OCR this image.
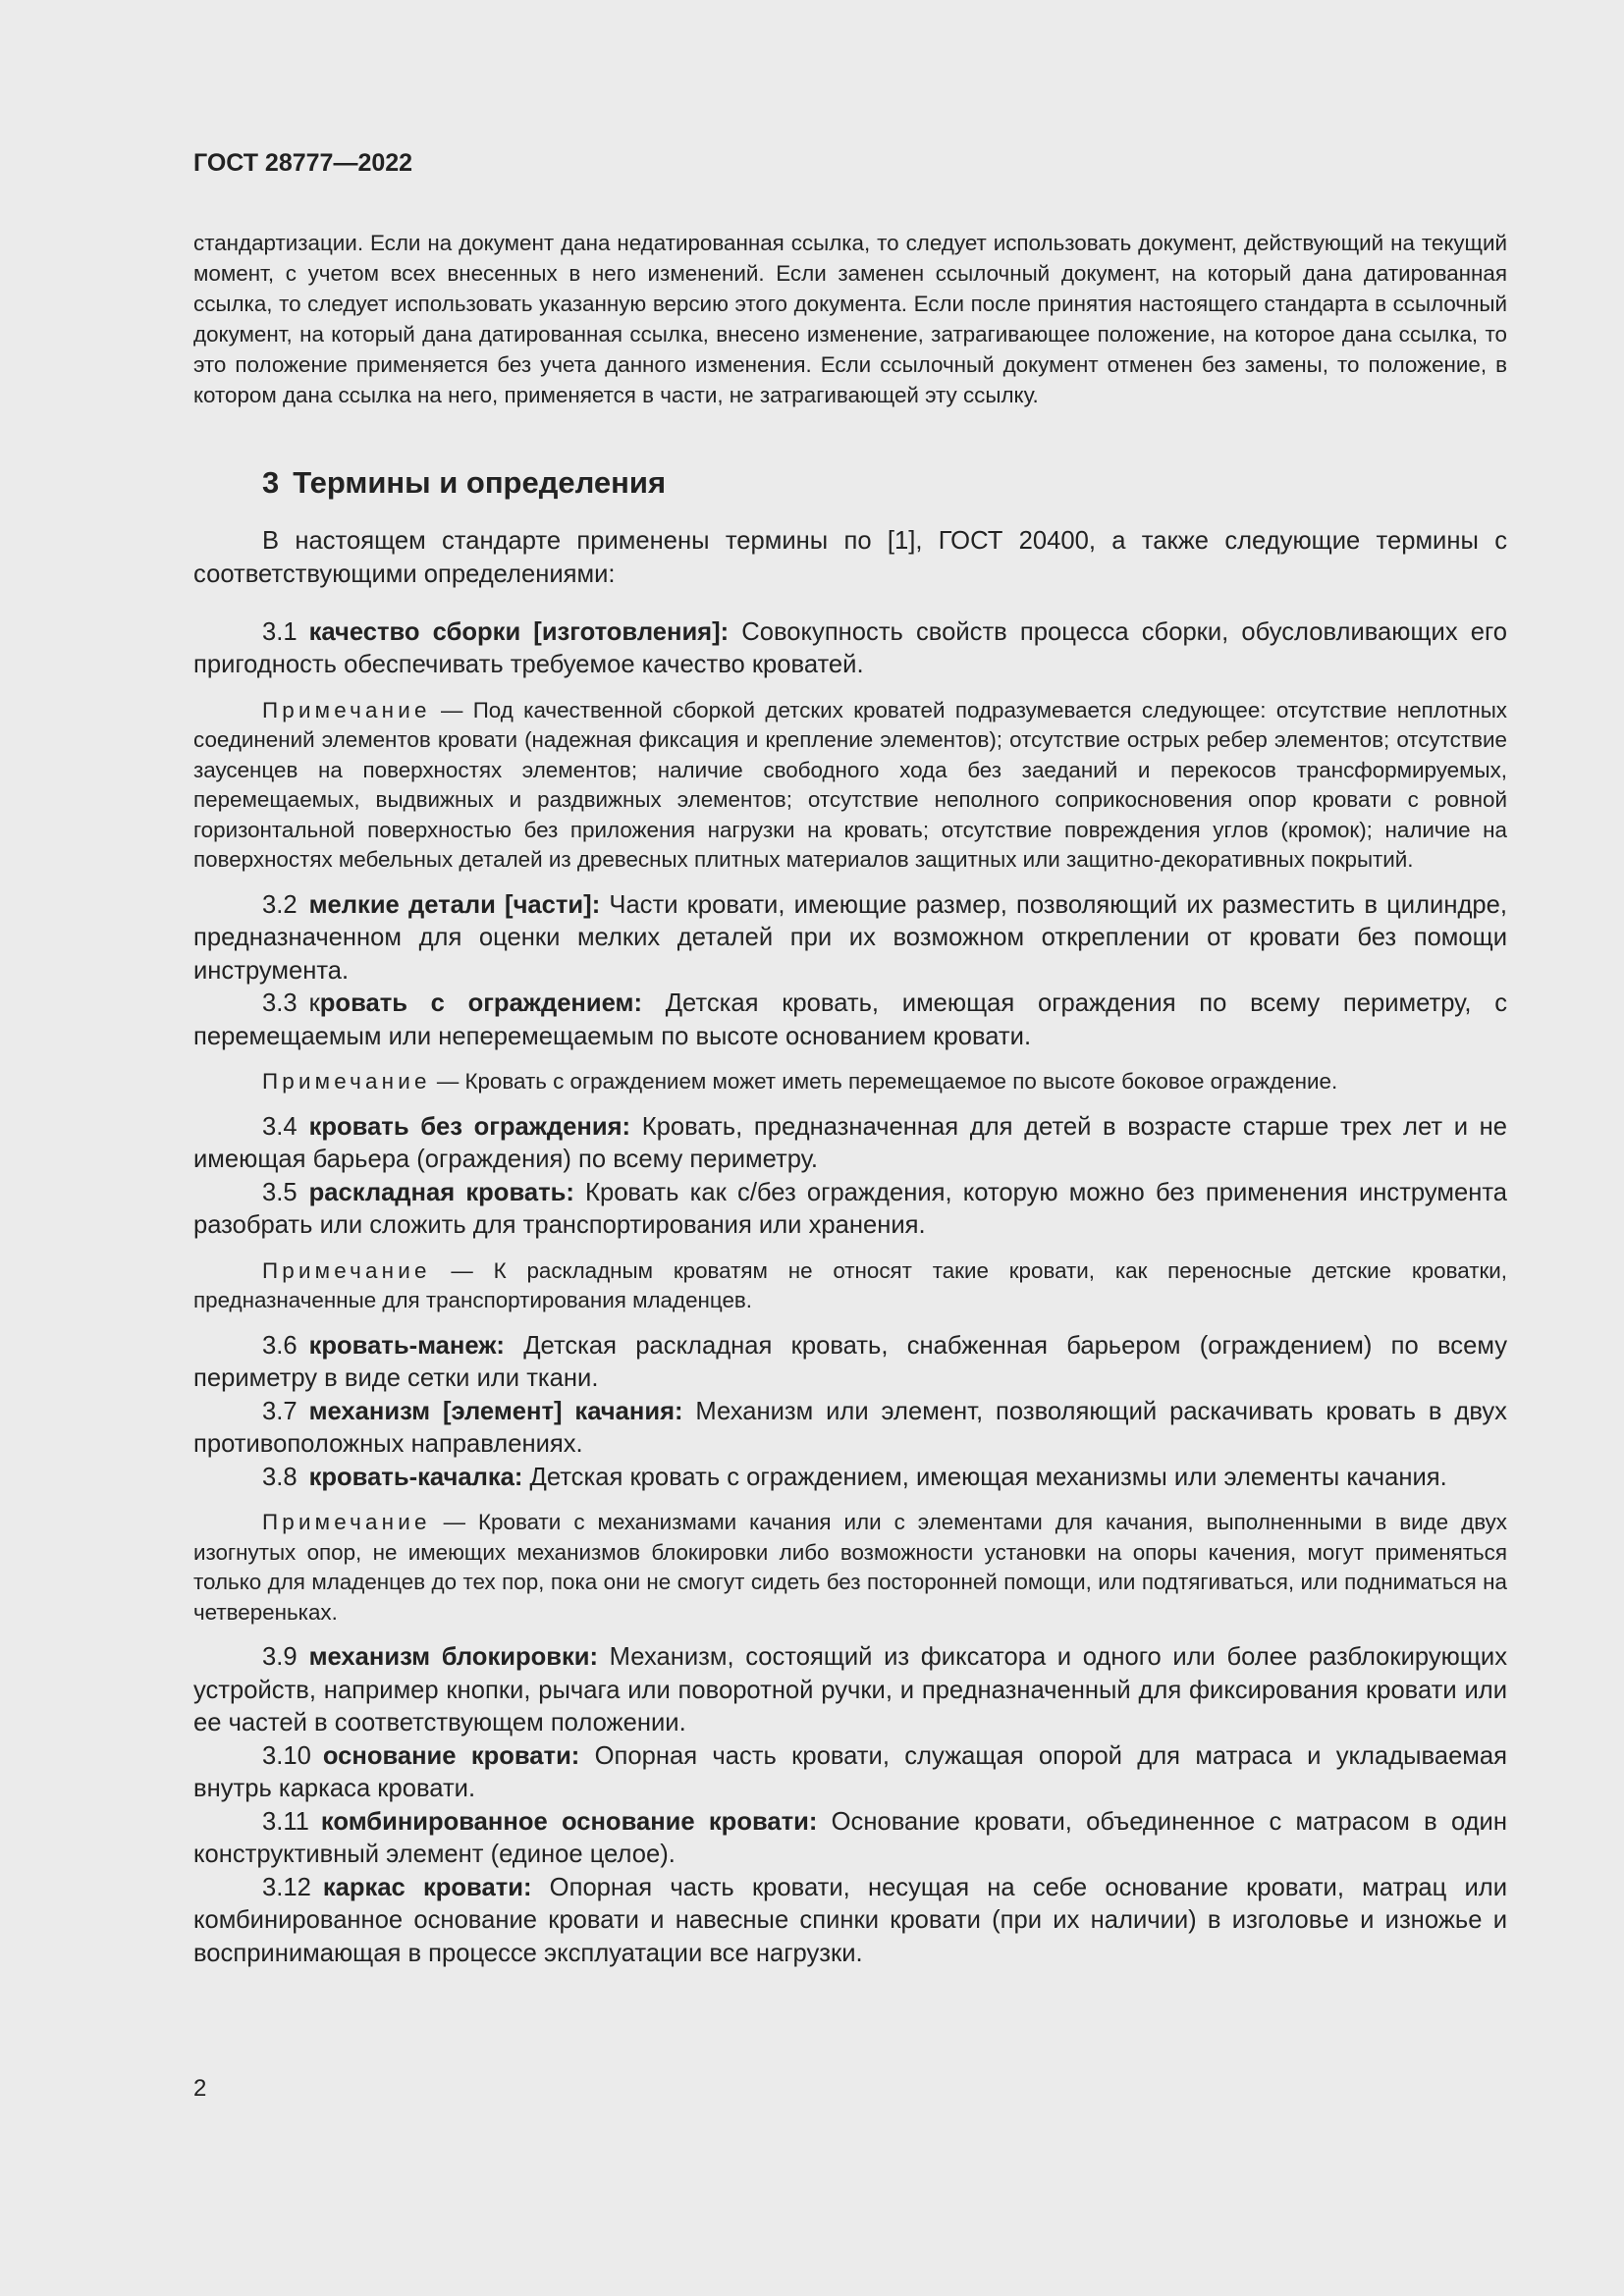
ГОСТ 28777—2022

стандартизации. Если на документ дана недатированная ссылка, то следует использовать документ, действующий на текущий момент, с учетом всех внесенных в него изменений. Если заменен ссылочный документ, на который дана датированная ссылка, то следует использовать указанную версию этого документа. Если после принятия настоящего стандарта в ссылочный документ, на который дана датированная ссылка, внесено изменение, затрагивающее положение, на которое дана ссылка, то это положение применяется без учета данного изменения. Если ссылочный документ отменен без замены, то положение, в котором дана ссылка на него, применяется в части, не затрагивающей эту ссылку.

3 Термины и определения

В настоящем стандарте применены термины по [1], ГОСТ 20400, а также следующие термины с соответствующими определениями:

3.1 качество сборки [изготовления]: Совокупность свойств процесса сборки, обусловливающих его пригодность обеспечивать требуемое качество кроватей.

Примечание — Под качественной сборкой детских кроватей подразумевается следующее: отсутствие неплотных соединений элементов кровати (надежная фиксация и крепление элементов); отсутствие острых ребер элементов; отсутствие заусенцев на поверхностях элементов; наличие свободного хода без заеданий и перекосов трансформируемых, перемещаемых, выдвижных и раздвижных элементов; отсутствие неполного соприкосновения опор кровати с ровной горизонтальной поверхностью без приложения нагрузки на кровать; отсутствие повреждения углов (кромок); наличие на поверхностях мебельных деталей из древесных плитных материалов защитных или защитно-декоративных покрытий.

3.2 мелкие детали [части]: Части кровати, имеющие размер, позволяющий их разместить в цилиндре, предназначенном для оценки мелких деталей при их возможном откреплении от кровати без помощи инструмента.

3.3 кровать с ограждением: Детская кровать, имеющая ограждения по всему периметру, с перемещаемым или неперемещаемым по высоте основанием кровати.

Примечание — Кровать с ограждением может иметь перемещаемое по высоте боковое ограждение.

3.4 кровать без ограждения: Кровать, предназначенная для детей в возрасте старше трех лет и не имеющая барьера (ограждения) по всему периметру.

3.5 раскладная кровать: Кровать как с/без ограждения, которую можно без применения инструмента разобрать или сложить для транспортирования или хранения.

Примечание — К раскладным кроватям не относят такие кровати, как переносные детские кроватки, предназначенные для транспортирования младенцев.

3.6 кровать-манеж: Детская раскладная кровать, снабженная барьером (ограждением) по всему периметру в виде сетки или ткани.

3.7 механизм [элемент] качания: Механизм или элемент, позволяющий раскачивать кровать в двух противоположных направлениях.

3.8 кровать-качалка: Детская кровать с ограждением, имеющая механизмы или элементы качания.

Примечание — Кровати с механизмами качания или с элементами для качания, выполненными в виде двух изогнутых опор, не имеющих механизмов блокировки либо возможности установки на опоры качения, могут применяться только для младенцев до тех пор, пока они не смогут сидеть без посторонней помощи, или подтягиваться, или подниматься на четвереньках.

3.9 механизм блокировки: Механизм, состоящий из фиксатора и одного или более разблокирующих устройств, например кнопки, рычага или поворотной ручки, и предназначенный для фиксирования кровати или ее частей в соответствующем положении.

3.10 основание кровати: Опорная часть кровати, служащая опорой для матраса и укладываемая внутрь каркаса кровати.

3.11 комбинированное основание кровати: Основание кровати, объединенное с матрасом в один конструктивный элемент (единое целое).

3.12 каркас кровати: Опорная часть кровати, несущая на себе основание кровати, матрац или комбинированное основание кровати и навесные спинки кровати (при их наличии) в изголовье и изножье и воспринимающая в процессе эксплуатации все нагрузки.

2
